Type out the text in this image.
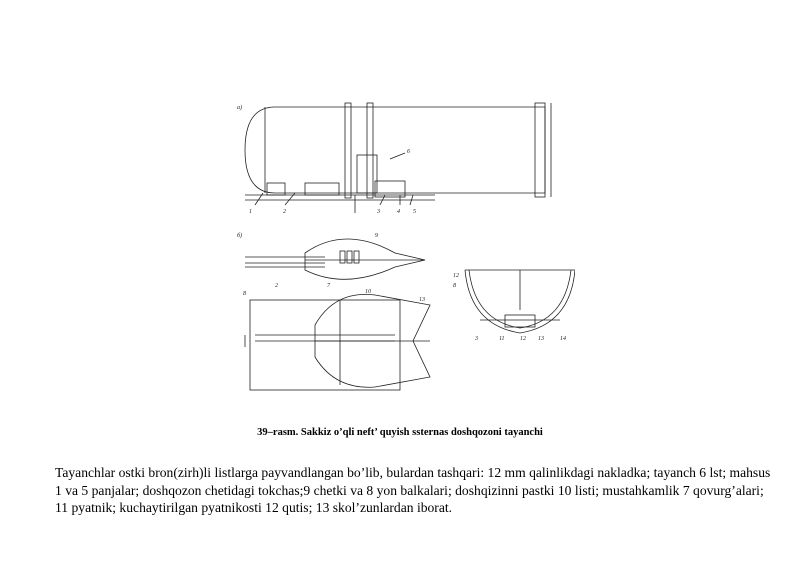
а)
1	2	3	4 5
6
б)	9
2	7
8	10
13
12
8
3	11	12 13	14
39–rasm. Sakkiz o’qli neft’ quyish ssternas doshqozoni tayanchi
Tayanchlar ostki bron(zirh)li listlarga payvandlangan bo’lib, bulardan tashqari: 12 mm qalinlikdagi nakladka; tayanch 6 lst; mahsus 1 va 5 panjalar; doshqozon chetidagi tokchas;9 chetki va 8 yon balkalari; doshqizinni pastki 10 listi; mustahkamlik 7 qovurg’alari; 11 pyatnik; kuchaytirilgan pyatnikosti 12 qutis; 13 skol’zunlardan iborat.
